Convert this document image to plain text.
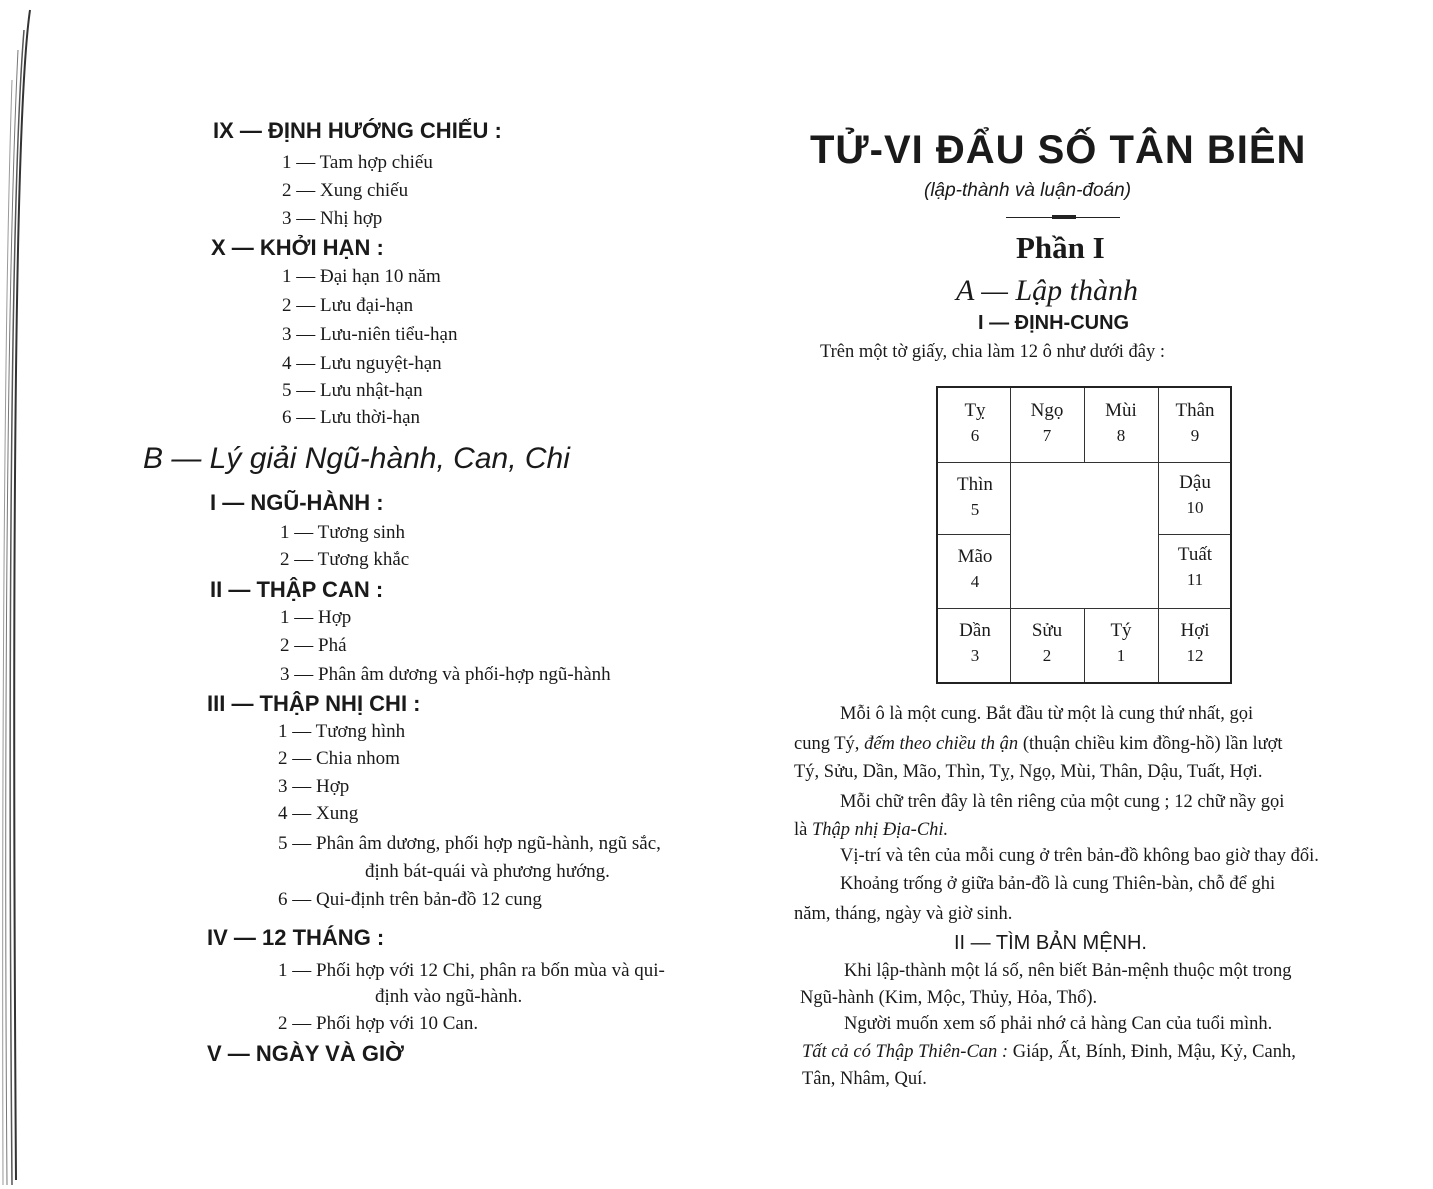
IX — ĐỊNH HƯỚNG CHIẾU :
1 — Tam hợp chiếu
2 — Xung chiếu
3 — Nhị hợp
X — KHỞI HẠN :
1 — Đại hạn 10 năm
2 — Lưu đại-hạn
3 — Lưu-niên tiểu-hạn
4 — Lưu nguyệt-hạn
5 — Lưu nhật-hạn
6 — Lưu thời-hạn
B — Lý giải Ngũ-hành, Can, Chi
I — NGŨ-HÀNH :
1 — Tương sinh
2 — Tương khắc
II — THẬP CAN :
1 — Hợp
2 — Phá
3 — Phân âm dương và phối-hợp ngũ-hành
III — THẬP NHỊ CHI :
1 — Tương hình
2 — Chia nhom
3 — Hợp
4 — Xung
5 — Phân âm dương, phối hợp ngũ-hành, ngũ sắc,
định bát-quái và phương hướng.
6 — Qui-định trên bản-đồ 12 cung
IV — 12 THÁNG :
1 — Phối hợp với 12 Chi, phân ra bốn mùa và qui-
định vào ngũ-hành.
2 — Phối hợp với 10 Can.
V — NGÀY VÀ GIỜ
TỬ-VI ĐẨU SỐ TÂN BIÊN
(lập-thành và luận-đoán)
Phần I
A — Lập thành
I — ĐỊNH-CUNG
Trên một tờ giấy, chia làm 12 ô như dưới đây :
Tỵ
6
Ngọ
7
Mùi
8
Thân
9
Thìn
5
Mão
4
Dậu
10
Tuất
11
Dần
3
Sửu
2
Tý
1
Hợi
12
Mỗi ô là một cung. Bắt đầu từ một là cung thứ nhất, gọi
cung Tý, đếm theo chiều th ận (thuận chiều kim đồng-hồ) lần lượt
Tý, Sửu, Dần, Mão, Thìn, Tỵ, Ngọ, Mùi, Thân, Dậu, Tuất, Hợi.
Mỗi chữ trên đây là tên riêng của một cung ; 12 chữ nầy gọi
là Thập nhị Địa-Chi.
Vị-trí và tên của mỗi cung ở trên bản-đồ không bao giờ thay đổi.
Khoảng trống ở giữa bản-đồ là cung Thiên-bàn, chỗ để ghi
năm, tháng, ngày và giờ sinh.
II — TÌM BẢN MỆNH.
Khi lập-thành một lá số, nên biết Bản-mệnh thuộc một trong
Ngũ-hành (Kim, Mộc, Thủy, Hỏa, Thổ).
Người muốn xem số phải nhớ cả hàng Can của tuổi mình.
Tất cả có Thập Thiên-Can : Giáp, Ất, Bính, Đinh, Mậu, Kỷ, Canh,
Tân, Nhâm, Quí.
